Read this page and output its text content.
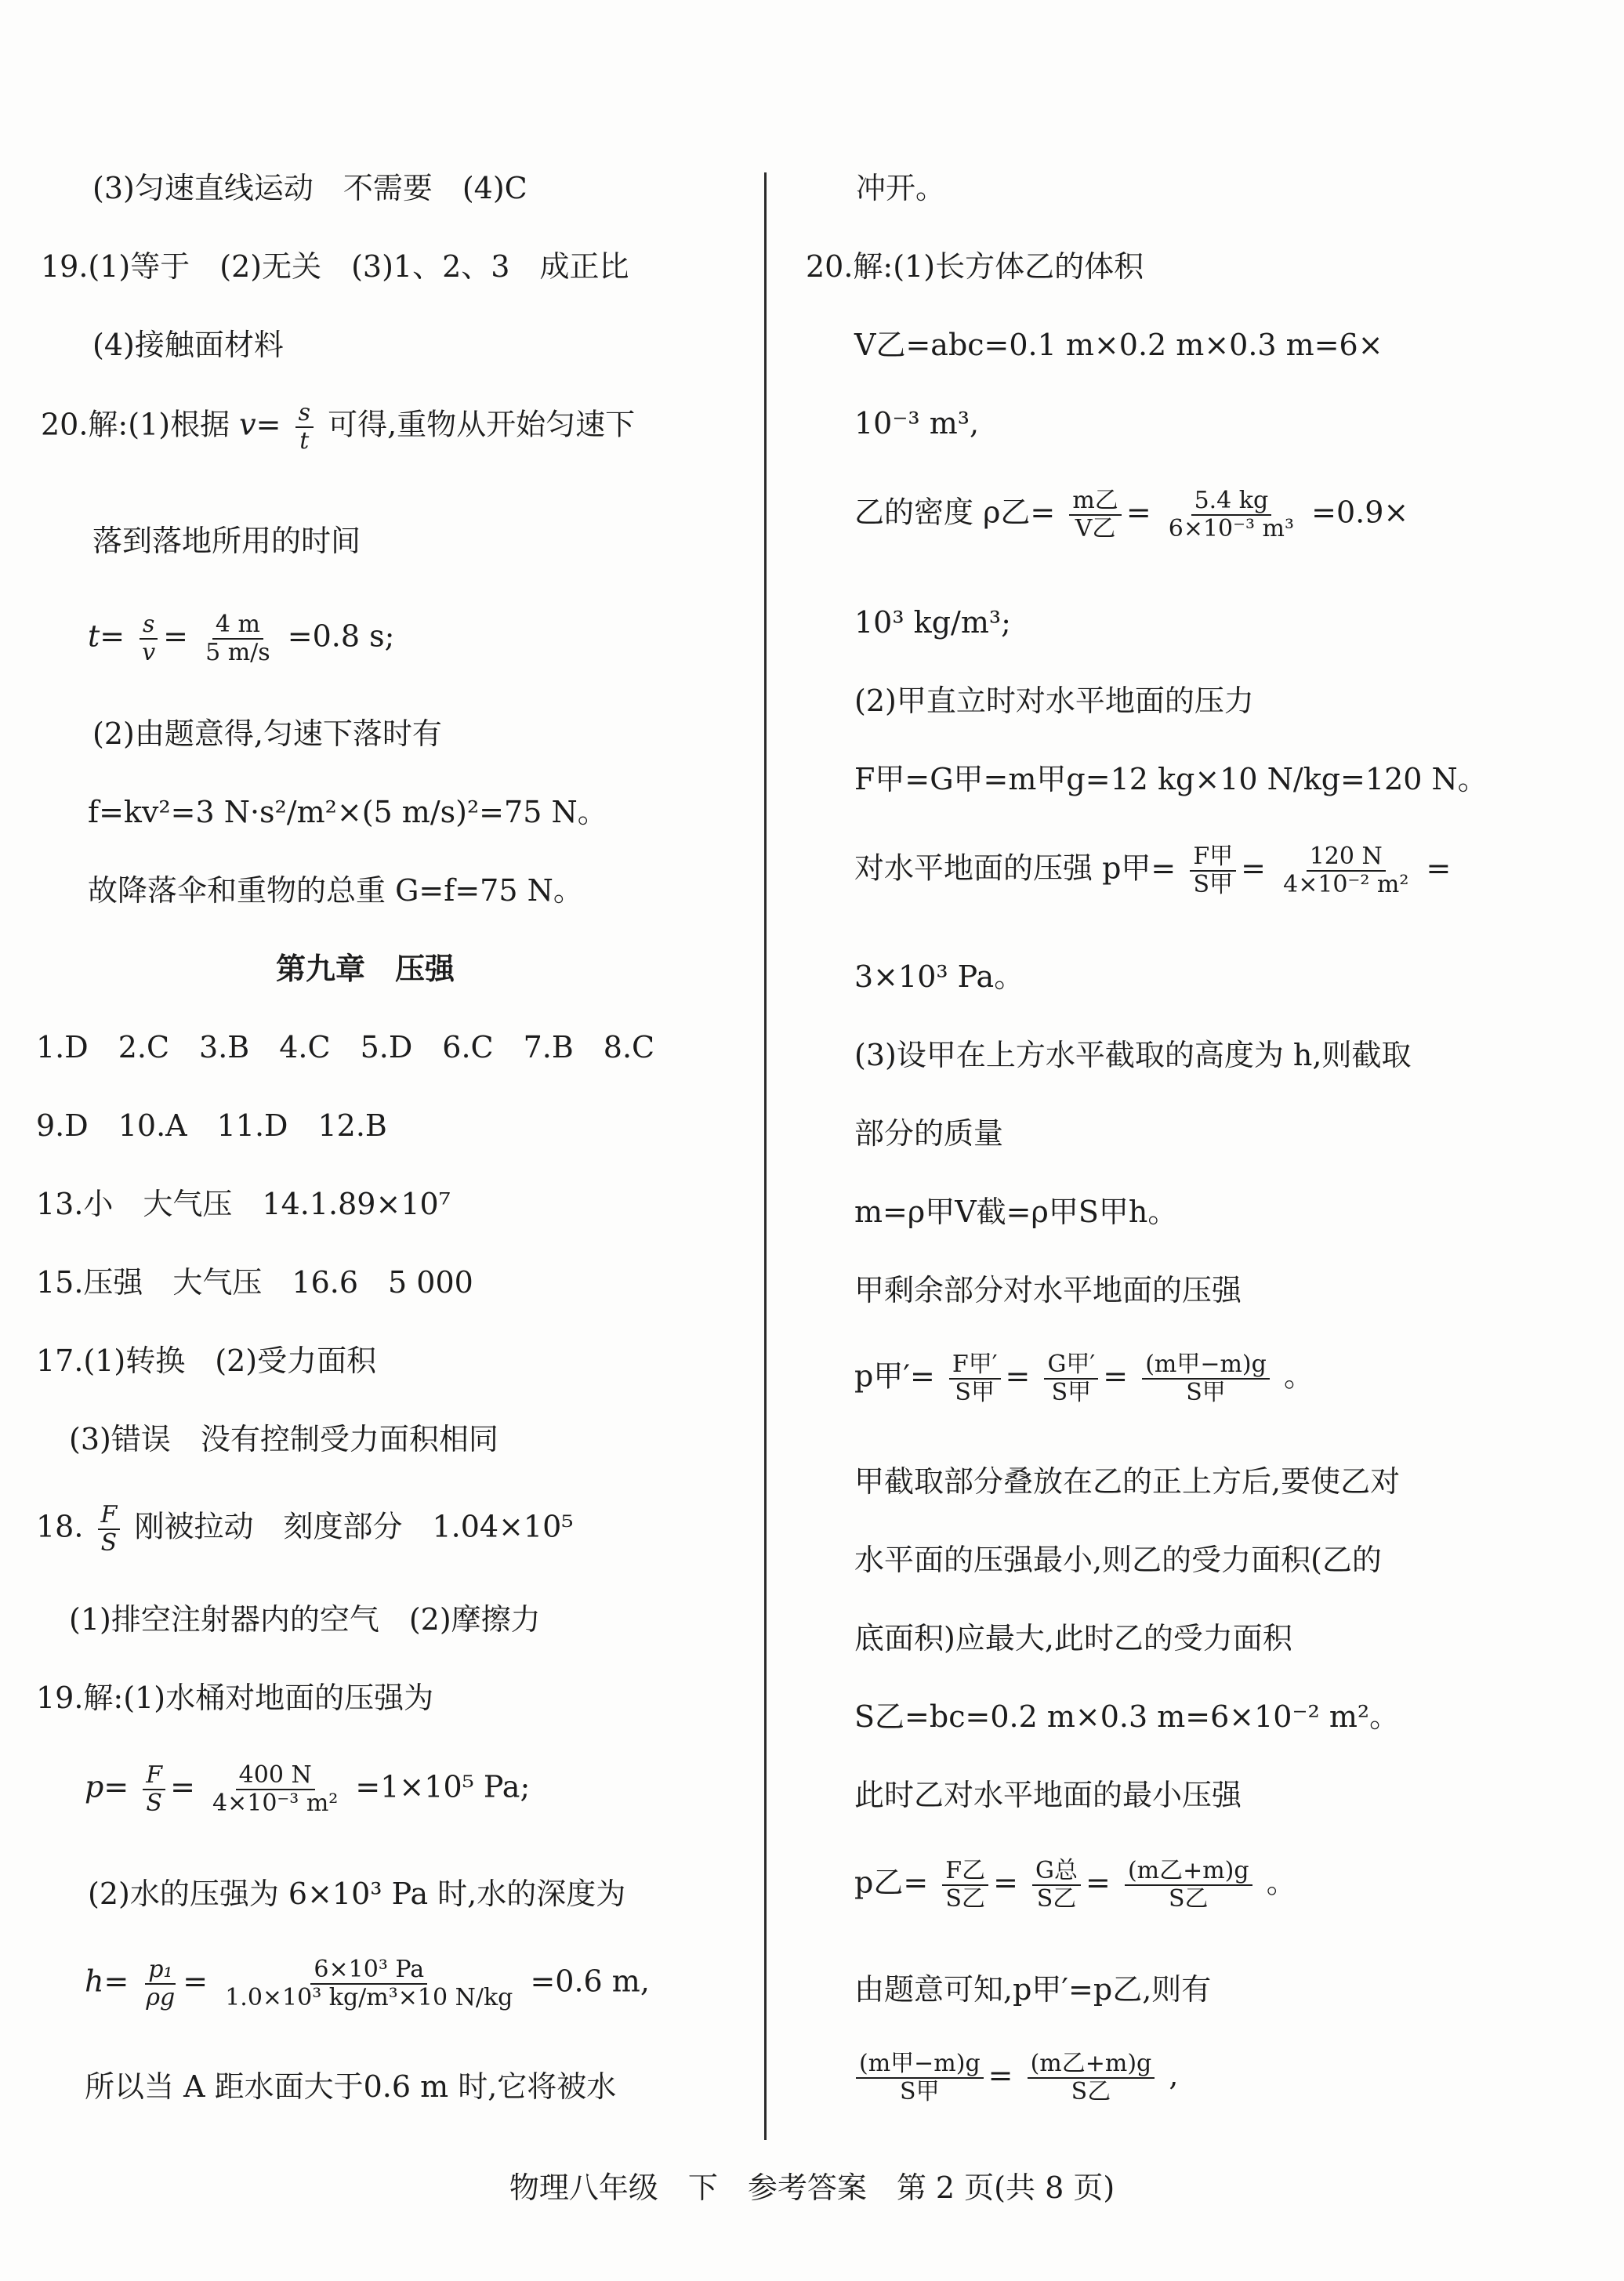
(3)匀速直线运动　不需要　(4)C
19.(1)等于　(2)无关　(3)1、2、3　成正比
(4)接触面材料
20.解:(1)根据 $v= \frac{s}{t}$ 可得,重物从开始匀速下
落到落地所用的时间
$t= \frac{s}{v} = \frac{4 m}{5 m/s} =0.8$ s;
(2)由题意得,匀速下落时有
f=kv²=3 N·s²/m²×(5 m/s)²=75 N。
故降落伞和重物的总重 G=f=75 N。
第九章　压强
1.D　2.C　3.B　4.C　5.D　6.C　7.B　8.C
9.D　10.A　11.D　12.B
13.小　大气压　14.1.89×10⁷
15.压强　大气压　16.6　5 000
17.(1)转换　(2)受力面积
(3)错误　没有控制受力面积相同
18. $\frac{F}{S}$ 刚被拉动　刻度部分　1.04×10⁵
(1)排空注射器内的空气　(2)摩擦力
19.解:(1)水桶对地面的压强为
$p= \frac{F}{S} = \frac{400 N}{\text{4×10⁻³ m²}} =1\times 10^5$ Pa;
(2)水的压强为 6×10³ Pa 时,水的深度为
$h= \frac{\text{p₁}}{\rho g} = \frac{\text{6×10³ Pa}}{\text{1.0×10³ kg/m³×10 N/kg}} =0.6$ m,
所以当 A 距水面大于0.6 m 时,它将被水
冲开。
20.解:(1)长方体乙的体积
V乙=abc=0.1 m×0.2 m×0.3 m=6×
10⁻³ m³,
乙的密度 ρ乙= $\frac{\text{m乙}}{\text{V乙}} = \frac{5.4 kg}{\text{6×10⁻³ m³}} =0.9\times$
10³ kg/m³;
(2)甲直立时对水平地面的压力
F甲=G甲=m甲g=12 kg×10 N/kg=120 N。
对水平地面的压强 p甲= $\frac{\text{F甲}}{\text{S甲}} = \frac{120 N}{\text{4×10⁻² m²}}$ =
3×10³ Pa。
(3)设甲在上方水平截取的高度为 h,则截取
部分的质量
m=ρ甲V截=ρ甲S甲h。
甲剩余部分对水平地面的压强
p甲′= $\frac{\text{F甲′}}{\text{S甲}} = \frac{\text{G甲′}}{\text{S甲}} = \frac{\text{(m甲−m)g}}{\text{S甲}}$ 。
甲截取部分叠放在乙的正上方后,要使乙对
水平面的压强最小,则乙的受力面积(乙的
底面积)应最大,此时乙的受力面积
S乙=bc=0.2 m×0.3 m=6×10⁻² m²。
此时乙对水平地面的最小压强
p乙= $\frac{\text{F乙}}{\text{S乙}} = \frac{\text{G总}}{\text{S乙}} = \frac{\text{(m乙+m)g}}{\text{S乙}}$ 。
由题意可知,p甲′=p乙,则有
$\frac{\text{(m甲−m)g}}{\text{S甲}} = \frac{\text{(m乙+m)g}}{\text{S乙}}$ ,
物理八年级　下　参考答案　第 2 页(共 8 页)
